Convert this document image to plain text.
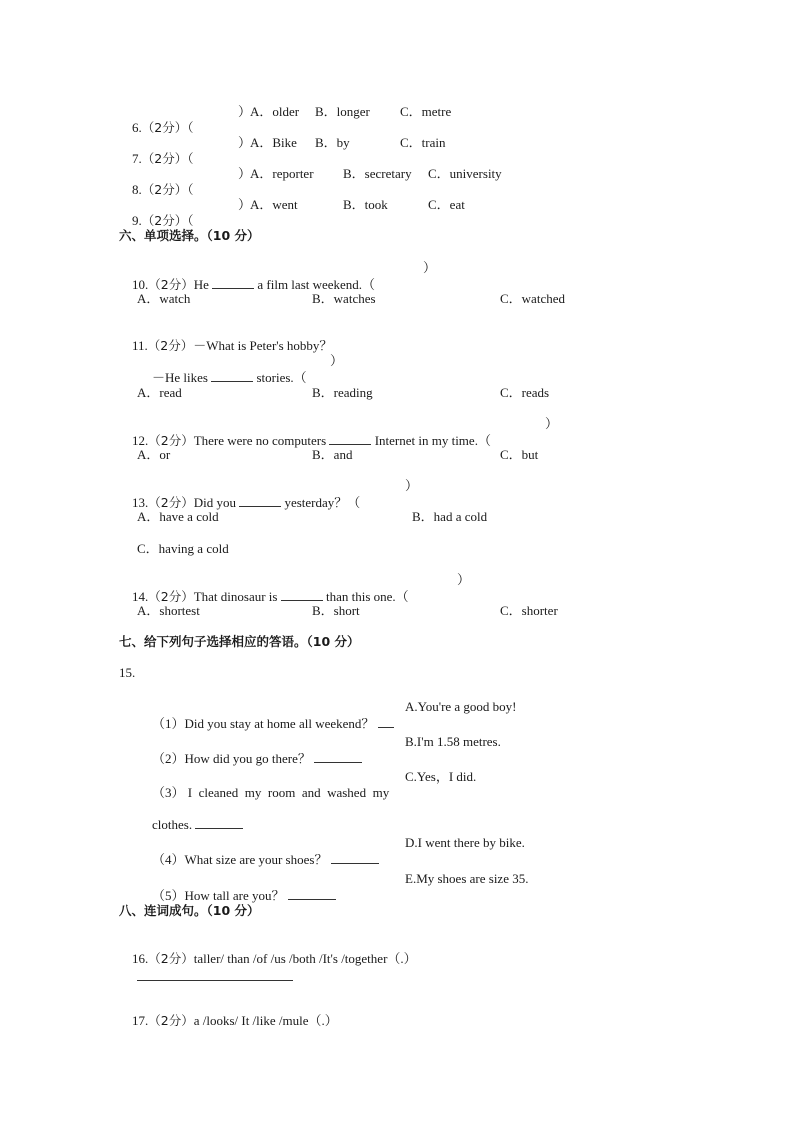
6.（2分）（

）
A．older B．longer C．metre

7.（2分）（

）
A．Bike B．by	C．train

8.（2分）（

）
A．reporter B．secretary C．university

9.（2分）（

）
A．went	B．took	C．eat
六、单项选择。（10 分）

10.（2分）He	a film last weekend.（

）
A．watch	B．watches	C．watched

11.（2分）－What is Peter's hobby？

－He likes	stories.（

）
A．read	B．reading	C．reads

12.（2分）There were no computers	Internet in my time.（

）
A．or	B．and	C．but

13.（2分）Did you	yesterday？（

）
A．have a cold	B．had a cold
C．having a cold

14.（2分）That dinosaur is	than this one.（

）
A．shortest	B．short	C．shorter
七、给下列句子选择相应的答语。（10 分）
15.

（1）Did you stay at home all weekend？

A.You're a good boy!

（2）How did you go there？

B.I'm 1.58 metres.

（3） I  cleaned  my  room  and  washed  my

C.Yes，I did.

clothes.

（4）What size are your shoes？

D.I went there by bike.

（5）How tall are you？

E.My shoes are size 35.
八、连词成句。（10 分）

16.（2分）taller/ than /of /us /both /It's /together（.）

17.（2分）a /looks/ It /like /mule（.）
